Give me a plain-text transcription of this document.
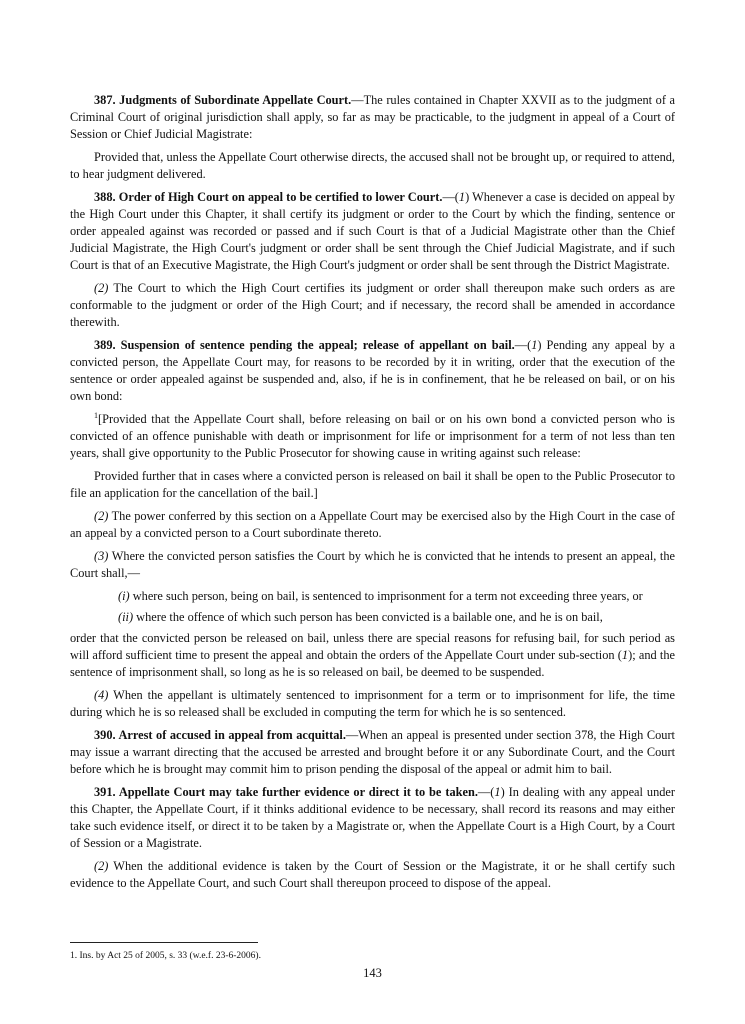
387. Judgments of Subordinate Appellate Court.—The rules contained in Chapter XXVII as to the judgment of a Criminal Court of original jurisdiction shall apply, so far as may be practicable, to the judgment in appeal of a Court of Session or Chief Judicial Magistrate:

Provided that, unless the Appellate Court otherwise directs, the accused shall not be brought up, or required to attend, to hear judgment delivered.

388. Order of High Court on appeal to be certified to lower Court.—(1) Whenever a case is decided on appeal by the High Court under this Chapter, it shall certify its judgment or order to the Court by which the finding, sentence or order appealed against was recorded or passed and if such Court is that of a Judicial Magistrate other than the Chief Judicial Magistrate, the High Court's judgment or order shall be sent through the Chief Judicial Magistrate, and if such Court is that of an Executive Magistrate, the High Court's judgment or order shall be sent through the District Magistrate.

(2) The Court to which the High Court certifies its judgment or order shall thereupon make such orders as are conformable to the judgment or order of the High Court; and if necessary, the record shall be amended in accordance therewith.

389. Suspension of sentence pending the appeal; release of appellant on bail.—(1) Pending any appeal by a convicted person, the Appellate Court may, for reasons to be recorded by it in writing, order that the execution of the sentence or order appealed against be suspended and, also, if he is in confinement, that he be released on bail, or on his own bond:

$^1$[Provided that the Appellate Court shall, before releasing on bail or on his own bond a convicted person who is convicted of an offence punishable with death or imprisonment for life or imprisonment for a term of not less than ten years, shall give opportunity to the Public Prosecutor for showing cause in writing against such release:

Provided further that in cases where a convicted person is released on bail it shall be open to the Public Prosecutor to file an application for the cancellation of the bail.]

(2) The power conferred by this section on a Appellate Court may be exercised also by the High Court in the case of an appeal by a convicted person to a Court subordinate thereto.

(3) Where the convicted person satisfies the Court by which he is convicted that he intends to present an appeal, the Court shall,—

(i) where such person, being on bail, is sentenced to imprisonment for a term not exceeding three years, or

(ii) where the offence of which such person has been convicted is a bailable one, and he is on bail,

order that the convicted person be released on bail, unless there are special reasons for refusing bail, for such period as will afford sufficient time to present the appeal and obtain the orders of the Appellate Court under sub-section (1); and the sentence of imprisonment shall, so long as he is so released on bail, be deemed to be suspended.

(4) When the appellant is ultimately sentenced to imprisonment for a term or to imprisonment for life, the time during which he is so released shall be excluded in computing the term for which he is so sentenced.

390. Arrest of accused in appeal from acquittal.—When an appeal is presented under section 378, the High Court may issue a warrant directing that the accused be arrested and brought before it or any Subordinate Court, and the Court before which he is brought may commit him to prison pending the disposal of the appeal or admit him to bail.

391. Appellate Court may take further evidence or direct it to be taken.—(1) In dealing with any appeal under this Chapter, the Appellate Court, if it thinks additional evidence to be necessary, shall record its reasons and may either take such evidence itself, or direct it to be taken by a Magistrate or, when the Appellate Court is a High Court, by a Court of Session or a Magistrate.

(2) When the additional evidence is taken by the Court of Session or the Magistrate, it or he shall certify such evidence to the Appellate Court, and such Court shall thereupon proceed to dispose of the appeal.

1. Ins. by Act 25 of 2005, s. 33 (w.e.f. 23-6-2006).
143
